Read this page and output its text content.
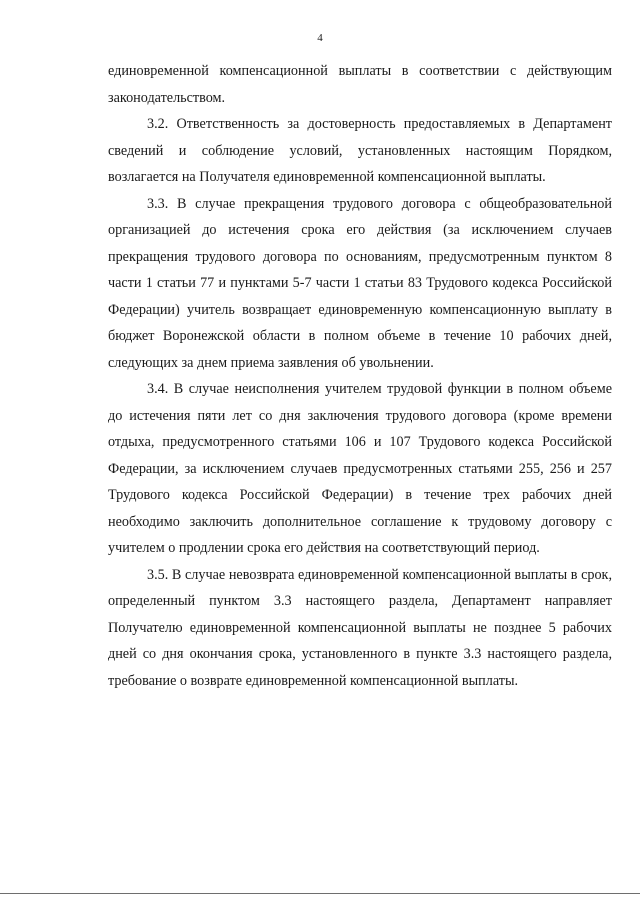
4

единовременной компенсационной выплаты в соответствии с действующим законодательством.

3.2. Ответственность за достоверность предоставляемых в Департамент сведений и соблюдение условий, установленных настоящим Порядком, возлагается на Получателя единовременной компенсационной выплаты.

3.3. В случае прекращения трудового договора с общеобразовательной организацией до истечения срока его действия (за исключением случаев прекращения трудового договора по основаниям, предусмотренным пунктом 8 части 1 статьи 77 и пунктами 5-7 части 1 статьи 83 Трудового кодекса Российской Федерации) учитель возвращает единовременную компенсационную выплату в бюджет Воронежской области в полном объеме в течение 10 рабочих дней, следующих за днем приема заявления об увольнении.

3.4. В случае неисполнения учителем трудовой функции в полном объеме до истечения пяти лет со дня заключения трудового договора (кроме времени отдыха, предусмотренного статьями 106 и 107 Трудового кодекса Российской Федерации, за исключением случаев предусмотренных статьями 255, 256 и 257 Трудового кодекса Российской Федерации) в течение трех рабочих дней необходимо заключить дополнительное соглашение к трудовому договору с учителем о продлении срока его действия на соответствующий период.

3.5. В случае невозврата единовременной компенсационной выплаты в срок, определенный пунктом 3.3 настоящего раздела, Департамент направляет Получателю единовременной компенсационной выплаты не позднее 5 рабочих дней со дня окончания срока, установленного в пункте 3.3 настоящего раздела, требование о возврате единовременной компенсационной выплаты.
